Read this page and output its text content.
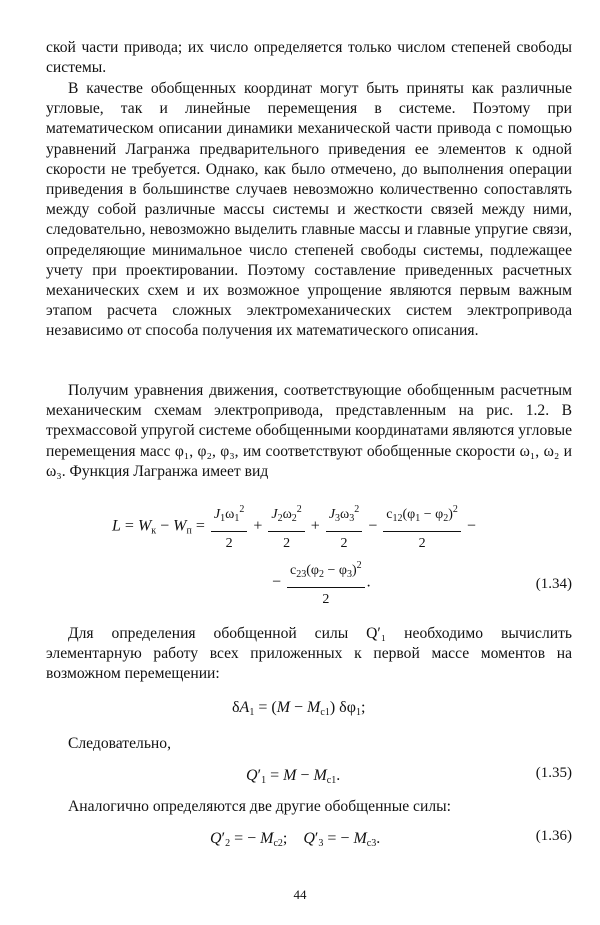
ской части привода; их число определяется только числом степеней свободы системы.

В качестве обобщенных координат могут быть приняты как различные угловые, так и линейные перемещения в системе. Поэтому при математическом описании динамики механической части привода с помощью уравнений Лагранжа предварительного приведения ее элементов к одной скорости не требуется. Однако, как было отмечено, до выполнения операции приведения в большинстве случаев невозможно количественно сопоставлять между собой различные массы системы и жесткости связей между ними, следовательно, невозможно выделить главные массы и главные упругие связи, определяющие минимальное число степеней свободы системы, подлежащее учету при проектировании. Поэтому составление приведенных расчетных механических схем и их возможное упрощение являются первым важным этапом расчета сложных электромеханических систем электропривода независимо от способа получения их математического описания.

Получим уравнения движения, соответствующие обобщенным расчетным механическим схемам электропривода, представленным на рис. 1.2. В трехмассовой упругой системе обобщенными координатами являются угловые перемещения масс φ₁, φ₂, φ₃, им соответствуют обобщенные скорости ω₁, ω₂ и ω₃. Функция Лагранжа имеет вид

$L = W_к - W_п = \frac{J_1\omega_1^2}{2} + \frac{J_2\omega_2^2}{2} + \frac{J_3\omega_3^2}{2} - \frac{c_{12}(\varphi_1 - \varphi_2)^2}{2}$ −
− $\frac{c_{23}(\varphi_2 - \varphi_3)^2}{2}$ .	(1.34)

Для определения обобщенной силы Q′₁ необходимо вычислить элементарную работу всех приложенных к первой массе моментов на возможном перемещении:

$\delta A_1 = (M - M_{c1})$ $\delta\varphi_1$;

Следовательно,

$Q'_1 = M - M_{c1}$.	(1.35)

Аналогично определяются две другие обобщенные силы:

$Q'_2$ = − $M_{c2}$;    $Q'_3$ = − $M_{c3}$.	(1.36)
44
